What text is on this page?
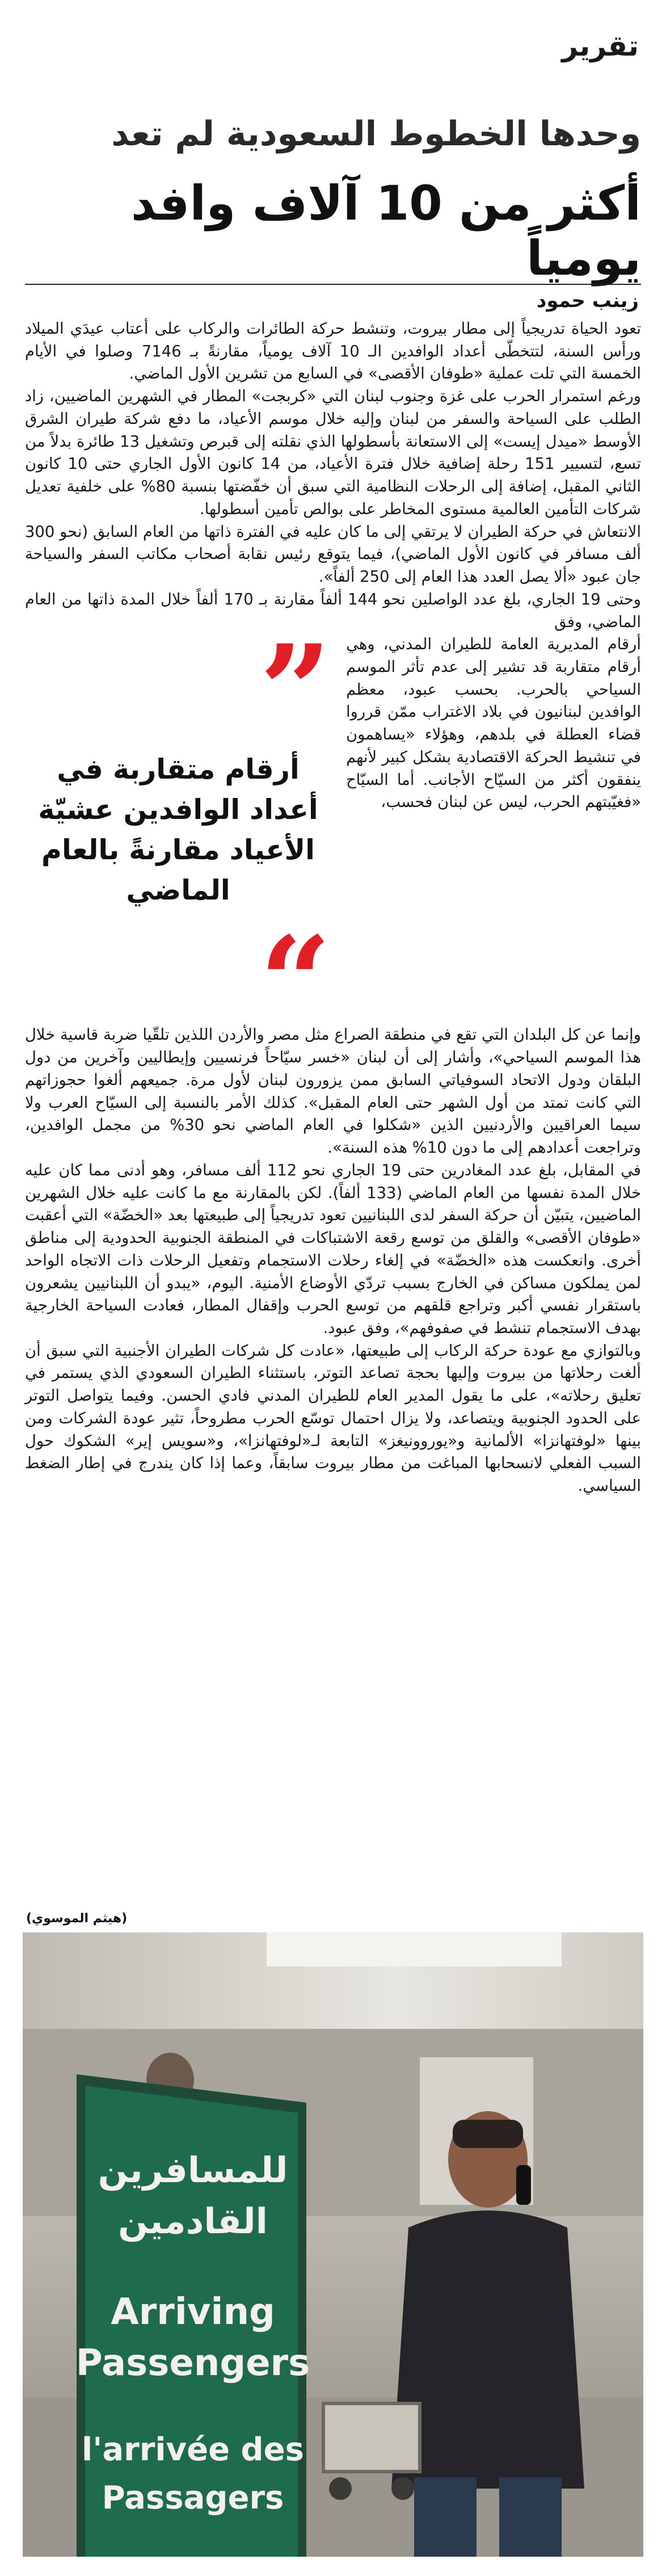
تقرير
وحدها الخطوط السعودية لم تعد
أكثر من 10 آلاف وافد يومياً

زينب حمود

تعود الحياة تدريجياً إلى مطار بيروت، وتنشط حركة الطائرات والركاب على أعتاب عيدَي الميلاد ورأس السنة، لتتخطّى أعداد الوافدين الـ 10 آلاف يومياً، مقارنةً بـ 7146 وصلوا في الأيام الخمسة التي تلت عملية «طوفان الأقصى» في السابع من تشرين الأول الماضي.

ورغم استمرار الحرب على غزة وجنوب لبنان التي «كربجت» المطار في الشهرين الماضيين، زاد الطلب على السياحة والسفر من لبنان وإليه خلال موسم الأعياد، ما دفع شركة طيران الشرق الأوسط «ميدل إيست» إلى الاستعانة بأسطولها الذي نقلته إلى قبرص وتشغيل 13 طائرة بدلاً من تسع، لتسيير 151 رحلة إضافية خلال فترة الأعياد، من 14 كانون الأول الجاري حتى 10 كانون الثاني المقبل، إضافة إلى الرحلات النظامية التي سبق أن خفّضتها بنسبة 80% على خلفية تعديل شركات التأمين العالمية مستوى المخاطر على بوالص تأمين أسطولها.

الانتعاش في حركة الطيران لا يرتقي إلى ما كان عليه في الفترة ذاتها من العام السابق (نحو 300 ألف مسافر في كانون الأول الماضي)، فيما يتوقع رئيس نقابة أصحاب مكاتب السفر والسياحة جان عبود «ألا يصل العدد هذا العام إلى 250 ألفاً».

وحتى 19 الجاري، بلغ عدد الواصلين نحو 144 ألفاً مقارنة بـ 170 ألفاً خلال المدة ذاتها من العام الماضي، وفق

أرقام المديرية العامة للطيران المدني، وهي أرقام متقاربة قد تشير إلى عدم تأثر الموسم السياحي بالحرب. بحسب عبود، معظم الوافدين لبنانيون في بلاد الاغتراب ممّن قرروا قضاء العطلة في بلدهم، وهؤلاء «يساهمون في تنشيط الحركة الاقتصادية بشكل كبير لأنهم ينفقون أكثر من السيّاح الأجانب. أما السيّاح «فغيّبتهم الحرب، ليس عن لبنان فحسب،

”
أرقام متقاربة في أعداد الوافدين عشيّة الأعياد مقارنةً بالعام الماضي
“

وإنما عن كل البلدان التي تقع في منطقة الصراع مثل مصر والأردن اللذين تلقّيا ضربة قاسية خلال هذا الموسم السياحي»، وأشار إلى أن لبنان «خسر سيّاحاً فرنسيين وإيطاليين وآخرين من دول البلقان ودول الاتحاد السوفياتي السابق ممن يزورون لبنان لأول مرة. جميعهم ألغوا حجوزاتهم التي كانت تمتد من أول الشهر حتى العام المقبل». كذلك الأمر بالنسبة إلى السيّاح العرب ولا سيما العراقيين والأردنيين الذين «شكلوا في العام الماضي نحو 30% من مجمل الوافدين، وتراجعت أعدادهم إلى ما دون 10% هذه السنة».

في المقابل، بلغ عدد المغادرين حتى 19 الجاري نحو 112 ألف مسافر، وهو أدنى مما كان عليه خلال المدة نفسها من العام الماضي (133 ألفاً). لكن بالمقارنة مع ما كانت عليه خلال الشهرين الماضيين، يتبيّن أن حركة السفر لدى اللبنانيين تعود تدريجياً إلى طبيعتها بعد «الخضّة» التي أعقبت «طوفان الأقصى» والقلق من توسع رقعة الاشتباكات في المنطقة الجنوبية الحدودية إلى مناطق أخرى. وانعكست هذه «الخضّة» في إلغاء رحلات الاستجمام وتفعيل الرحلات ذات الاتجاه الواحد لمن يملكون مساكن في الخارج بسبب تردّي الأوضاع الأمنية. اليوم، «يبدو أن اللبنانيين يشعرون باستقرار نفسي أكبر وتراجع قلقهم من توسع الحرب وإقفال المطار، فعادت السياحة الخارجية بهدف الاستجمام تنشط في صفوفهم»، وفق عبود.

وبالتوازي مع عودة حركة الركاب إلى طبيعتها، «عادت كل شركات الطيران الأجنبية التي سبق أن ألغت رحلاتها من بيروت وإليها بحجة تصاعد التوتر، باستثناء الطيران السعودي الذي يستمر في تعليق رحلاته»، على ما يقول المدير العام للطيران المدني فادي الحسن. وفيما يتواصل التوتر على الحدود الجنوبية ويتصاعد، ولا يزال احتمال توسّع الحرب مطروحاً، تثير عودة الشركات ومن بينها «لوفتهانزا» الألمانية و«يوروونيغز» التابعة لـ«لوفتهانزا»، و«سويس إير» الشكوك حول السبب الفعلي لانسحابها المباغت من مطار بيروت سابقاً، وعما إذا كان يندرج في إطار الضغط السياسي.

(هيثم الموسوي)

للمسافرين
القادمين
Arriving
Passengers
l'arrivée des
Passagers
